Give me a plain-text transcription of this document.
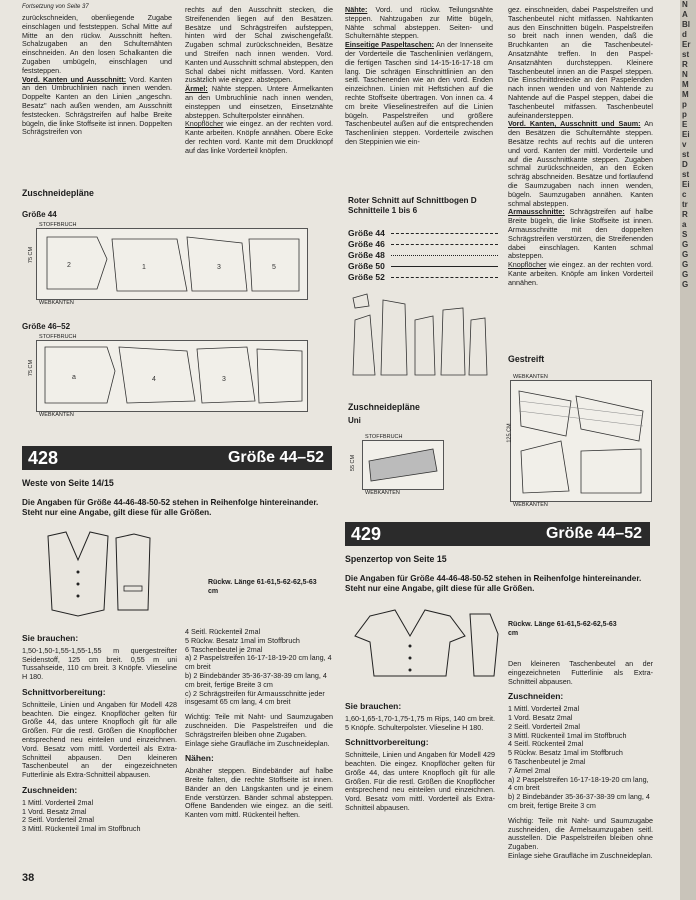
Fortsetzung von Seite 37

zurückschneiden, obenliegende Zugabe einschlagen und feststeppen. Schal Mitte auf Mitte an den rückw. Ausschnitt heften. Schalzugaben an den Schulternähten einschneiden. An den losen Schalkanten die Zugaben umbügeln, einschlagen und feststeppen.

Vord. Kanten und Ausschnitt: Vord. Kanten an den Umbruchlinien nach innen wenden. Doppelte Kanten an den Linien „angeschn. Besatz" nach außen wenden, am Ausschnitt feststecken. Schrägstreifen auf halbe Breite bügeln, die linke Stoffseite ist innen. Doppelten Schrägstreifen von

rechts auf den Ausschnitt stecken, die Streifenenden liegen auf den Besätzen. Besätze und Schrägstreifen aufsteppen, hinten wird der Schal zwischengefaßt. Zugaben schmal zurückschneiden, Besätze und Streifen nach innen wenden. Vord. Kanten und Ausschnitt schmal absteppen, den Schal dabei nicht mitfassen. Vord. Kanten zusätzlich wie eingez. absteppen.

Ärmel: Nähte steppen. Untere Ärmelkanten an den Umbruchlinie nach innen wenden, einsteppen und einsetzen, Einsetznähte absteppen. Schulterpolster einnähen.

Knopflöcher wie eingez. an der rechten vord. Kante arbeiten. Knöpfe annähen. Obere Ecke der rechten vord. Kante mit dem Druckknopf auf das linke Vorderteil knöpfen.

Nähte: Vord. und rückw. Teilungsnähte steppen. Nahtzugaben zur Mitte bügeln, Nähte schmal absteppen. Seiten- und Schulternähte steppen.

Einseitige Paspeltaschen: An der Innenseite der Vorderteile die Taschenlinien verlängern, die fertigen Taschen sind 14-15-16-17-18 cm lang. Die schrägen Einschnittlinien an den seitl. Taschenenden wie an den vord. Enden einzeichnen. Linien mit Heftstichen auf die rechte Stoffseite übertragen. Von innen ca. 4 cm breite Vlieselinestreifen auf die Linien bügeln. Paspelstreifen und größere Taschenbeutel außen auf die entsprechenden Taschenlinien steppen. Vorderteile zwischen den Steppinien wie ein-

gez. einschneiden, dabei Paspelstreifen und Taschenbeutel nicht mitfassen. Nahtkanten aus den Einschnitten bügeln. Paspelstreifen so breit nach innen wenden, daß die Bruchkanten an die Taschenbeutel-Ansatznähte treffen. In den Paspel-Ansatznähten durchsteppen. Kleinere Taschenbeutel innen an die Paspel steppen. Die Einschnittdreiecke an den Paspelenden nach innen wenden und von Nahtende zu Nahtende auf die Paspel steppen, dabei die Taschenbeutel mitfassen. Taschenbeutel aufeinandersteppen.

Vord. Kanten, Ausschnitt und Saum: An den Besätzen die Schulternähte steppen. Besätze rechts auf rechts auf die unteren und vord. Kanten der mittl. Vorderteile und auf die Ausschnittkante steppen. Zugaben schmal zurückschneiden, an den Ecken schräg abschneiden. Besätze und fortlaufend die Saumzugaben nach innen wenden, bügeln. Saumzugaben annähen. Kanten schmal absteppen.

Armausschnitte: Schrägstreifen auf halbe Breite bügeln, die linke Stoffseite ist innen. Armausschnitte mit den doppelten Schrägstreifen verstürzen, die Streifenenden dabei einschlagen. Kanten schmal absteppen.

Knopflöcher wie eingez. an der rechten vord. Kante arbeiten. Knöpfe am linken Vorderteil annähen.

Zuschneidepläne
Größe 44
STOFFBRUCH
WEBKANTEN
2	1	3	5
75 CM
Größe 46–52
STOFFBRUCH
WEBKANTEN
a	4	3
75 CM
Roter Schnitt auf Schnittbogen D Schnitteile 1 bis 6
Größe 44
Größe 46
Größe 48
Größe 50
Größe 52
Zuschneidepläne
Uni
STOFFBRUCH
WEBKANTEN
55 CM
Gestreift
WEBKANTEN
WEBKANTEN
125 CM
428	Größe 44–52
Weste von Seite 14/15
Die Angaben für Größe 44-46-48-50-52 stehen in Reihenfolge hintereinander. Steht nur eine Angabe, gilt diese für alle Größen.
Rückw. Länge 61-61,5-62-62,5-63 cm
Sie brauchen:

1,50-1,50-1,55-1,55-1,55 m quergestreifter Seidenstoff, 125 cm breit. 0,55 m uni Tussahseide, 110 cm breit. 3 Knöpfe. Vlieseline H 180.

Schnittvorbereitung:

Schnitteile, Linien und Angaben für Modell 428 beachten. Die eingez. Knopflöcher gelten für Größe 44, das untere Knopfloch gilt für alle Größen. Für die restl. Größen die Knopflöcher entsprechend neu einteilen und einzeichnen. Vord. Besatz vom mittl. Vorderteil als Extra-Schnitteil abpausen. Den kleineren Taschenbeutel an der eingezeichneten Futterlinie als Extra-Schnitteil abpausen.

Zuschneiden:

1 Mittl. Vorderteil 2mal
1 Vord. Besatz 2mal
2 Seitl. Vorderteil 2mal
3 Mittl. Rückenteil 1mal im Stoffbruch

4 Seitl. Rückenteil 2mal
5 Rückw. Besatz 1mal im Stoffbruch
6 Taschenbeutel je 2mal
a) 2 Paspelstreifen 16-17-18-19-20 cm lang, 4 cm breit
b) 2 Bindebänder 35-36-37-38-39 cm lang, 4 cm breit, fertige Breite 3 cm
c) 2 Schrägstreifen für Armausschnitte jeder insgesamt 65 cm lang, 4 cm breit

Wichtig: Teile mit Naht- und Saumzugaben zuschneiden. Die Paspelstreifen und die Schrägstreifen bleiben ohne Zugaben.

Einlage siehe Graufläche im Zuschneideplan.

Nähen:

Abnäher steppen. Bindebänder auf halbe Breite falten, die rechte Stoffseite ist innen. Bänder an den Längskanten und je einem Ende verstürzen. Bänder schmal absteppen. Offene Bandenden wie eingez. an die seitl. Kanten vom mittl. Rückenteil heften.

429	Größe 44–52
Spenzertop von Seite 15
Die Angaben für Größe 44-46-48-50-52 stehen in Reihenfolge hintereinander. Steht nur eine Angabe, gilt diese für alle Größen.
Rückw. Länge 61-61,5-62-62,5-63 cm
Sie brauchen:

1,60-1,65-1,70-1,75-1,75 m Rips, 140 cm breit. 5 Knöpfe. Schulterpolster. Vlieseline H 180.

Schnittvorbereitung:

Schnitteile, Linien und Angaben für Modell 429 beachten. Die eingez. Knopflöcher gelten für Größe 44, das untere Knopfloch gilt für alle Größen. Für die restl. Größen die Knopflöcher entsprechend neu einteilen und einzeichnen. Vord. Besatz vom mittl. Vorderteil als Extra-Schnitteil abpausen.

Den kleineren Taschenbeutel an der eingezeichneten Futterlinie als Extra-Schnitteil abpausen.

Zuschneiden:

1 Mittl. Vorderteil 2mal
1 Vord. Besatz 2mal
2 Seitl. Vorderteil 2mal
3 Mittl. Rückenteil 1mal im Stoffbruch
4 Seitl. Rückenteil 2mal
5 Rückw. Besatz 1mal im Stoffbruch
6 Taschenbeutel je 2mal
7 Ärmel 2mal
a) 2 Paspelstreifen 16-17-18-19-20 cm lang, 4 cm breit
b) 2 Bindebänder 35-36-37-38-39 cm lang, 4 cm breit, fertige Breite 3 cm

Wichtig: Teile mit Naht- und Saumzugabe zuschneiden, die Ärmelsaumzugaben seitl. ausstellen. Die Paspelstreifen bleiben ohne Zugaben.

Einlage siehe Graufläche im Zuschneideplan.

38
N
A
Bl
d
Er
st
R
N
M
M
p
p
E
Ei
v
st
D
st
Ei
c
tr
R
a
S
G
G
G
G
G
